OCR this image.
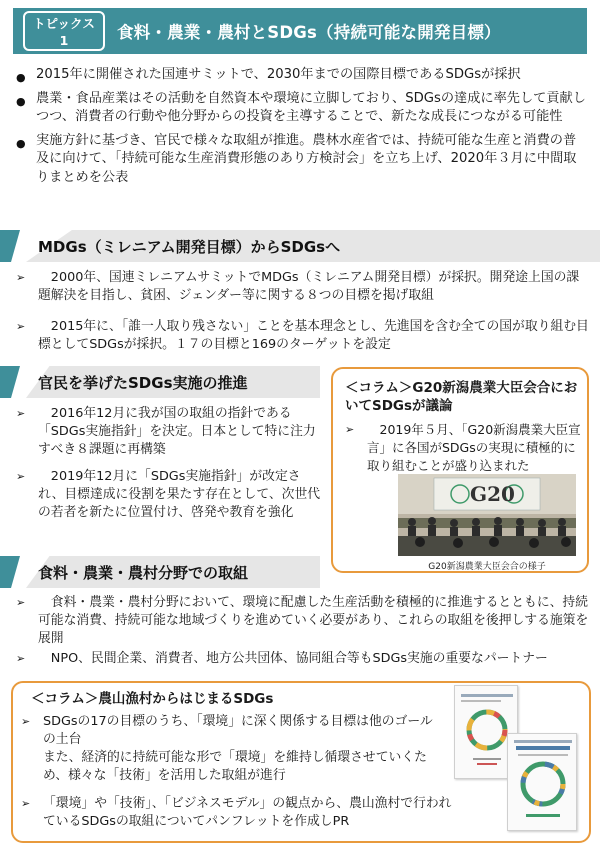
トピックス
1	食料・農業・農村とSDGs（持続可能な開発目標）
● 2015年に開催された国連サミットで、2030年までの国際目標であるSDGsが採択
● 農業・食品産業はその活動を自然資本や環境に立脚しており、SDGsの達成に率先して貢献しつつ、消費者の行動や他分野からの投資を主導することで、新たな成長につながる可能性
● 実施方針に基づき、官民で様々な取組が推進。農林水産省では、持続可能な生産と消費の普及に向けて、「持続可能な生産消費形態のあり方検討会」を立ち上げ、2020年３月に中間取りまとめを公表
MDGs（ミレニアム開発目標）からSDGsへ
➢ 　2000年、国連ミレニアムサミットでMDGs（ミレニアム開発目標）が採択。開発途上国の課題解決を目指し、貧困、ジェンダー等に関する８つの目標を掲げ取組
➢ 　2015年に、「誰一人取り残さない」ことを基本理念とし、先進国を含む全ての国が取り組む目標としてSDGsが採択。１７の目標と169のターゲットを設定
官民を挙げたSDGs実施の推進
➢ 　2016年12月に我が国の取組の指針である「SDGs実施指針」を決定。日本として特に注力すべき８課題に再構築
➢ 　2019年12月に「SDGs実施指針」が改定され、目標達成に役割を果たす存在として、次世代の若者を新たに位置付け、啓発や教育を強化
＜コラム＞G20新潟農業大臣会合においてSDGsが議論
➢ 　2019年５月、「G20新潟農業大臣宣言」に各国がSDGsの実現に積極的に取り組むことが盛り込まれた
G20
G20新潟農業大臣会合の様子
食料・農業・農村分野での取組
➢ 　食料・農業・農村分野において、環境に配慮した生産活動を積極的に推進するとともに、持続可能な消費、持続可能な地域づくりを進めていく必要があり、これらの取組を後押しする施策を展開
➢ 　NPO、民間企業、消費者、地方公共団体、協同組合等もSDGs実施の重要なパートナー
＜コラム＞農山漁村からはじまるSDGs
➢ SDGsの17の目標のうち、「環境」に深く関係する目標は他のゴールの土台
また、経済的に持続可能な形で「環境」を維持し循環させていくため、様々な「技術」を活用した取組が進行
➢ 「環境」や「技術」、「ビジネスモデル」の観点から、農山漁村で行われているSDGsの取組についてパンフレットを作成しPR
